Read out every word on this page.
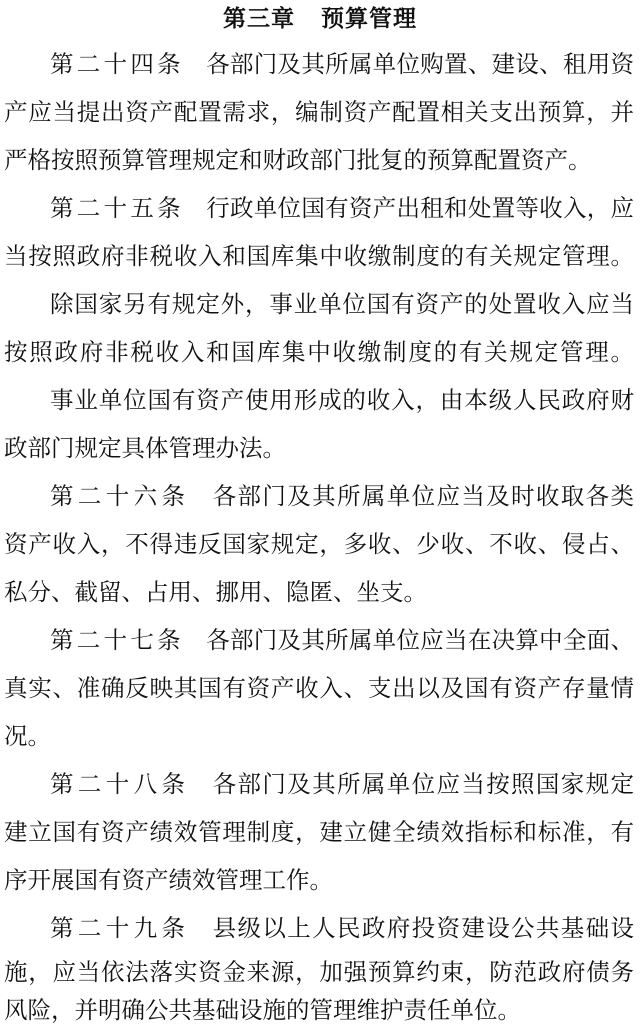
第三章 预算管理
第二十四条 各部门及其所属单位购置、建设、租用资
产应当提出资产配置需求，编制资产配置相关支出预算，并
严格按照预算管理规定和财政部门批复的预算配置资产。
第二十五条 行政单位国有资产出租和处置等收入，应
当按照政府非税收入和国库集中收缴制度的有关规定管理。
除国家另有规定外，事业单位国有资产的处置收入应当
按照政府非税收入和国库集中收缴制度的有关规定管理。
事业单位国有资产使用形成的收入，由本级人民政府财
政部门规定具体管理办法。
第二十六条 各部门及其所属单位应当及时收取各类
资产收入，不得违反国家规定，多收、少收、不收、侵占、
私分、截留、占用、挪用、隐匿、坐支。
第二十七条 各部门及其所属单位应当在决算中全面、
真实、准确反映其国有资产收入、支出以及国有资产存量情
况。
第二十八条 各部门及其所属单位应当按照国家规定
建立国有资产绩效管理制度，建立健全绩效指标和标准，有
序开展国有资产绩效管理工作。
第二十九条 县级以上人民政府投资建设公共基础设
施，应当依法落实资金来源，加强预算约束，防范政府债务
风险，并明确公共基础设施的管理维护责任单位。
